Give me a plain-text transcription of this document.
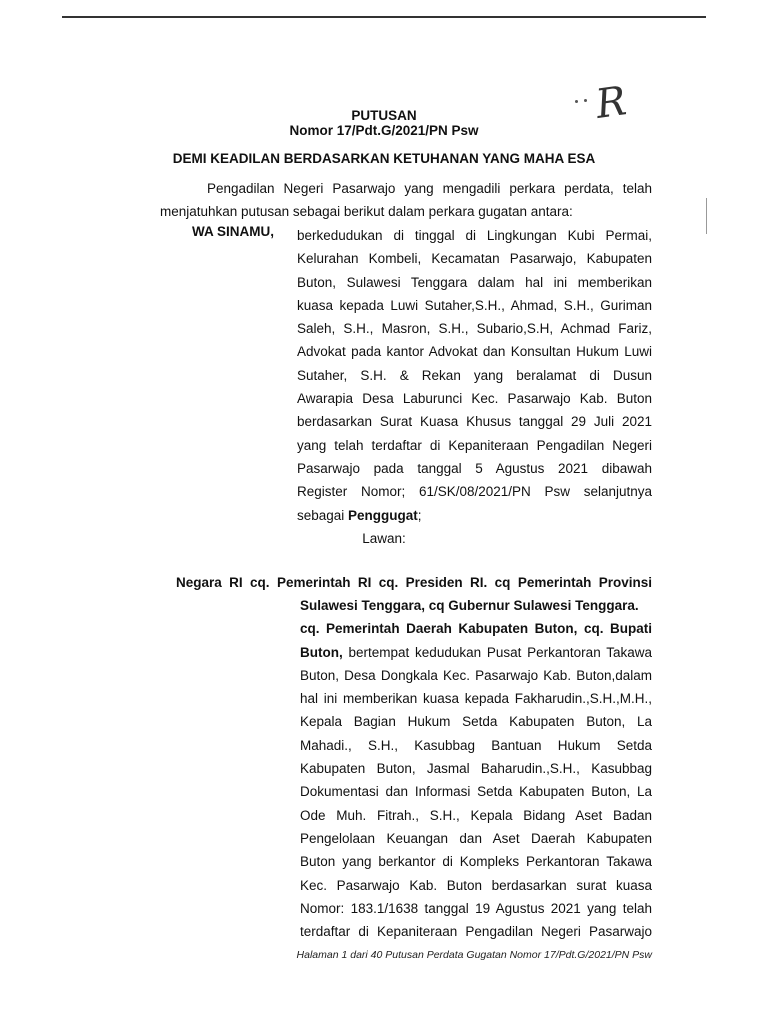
R
PUTUSAN
Nomor 17/Pdt.G/2021/PN Psw
DEMI KEADILAN BERDASARKAN KETUHANAN YANG MAHA ESA
Pengadilan Negeri Pasarwajo yang mengadili perkara perdata, telah
menjatuhkan putusan sebagai berikut dalam perkara gugatan antara:
WA SINAMU, berkedudukan di tinggal di Lingkungan Kubi Permai,
Kelurahan Kombeli, Kecamatan Pasarwajo, Kabupaten
Buton, Sulawesi Tenggara dalam hal ini memberikan
kuasa kepada Luwi Sutaher,S.H., Ahmad, S.H., Guriman
Saleh, S.H., Masron, S.H., Subario,S.H, Achmad Fariz,
Advokat pada kantor Advokat dan Konsultan Hukum Luwi
Sutaher, S.H. & Rekan yang beralamat di Dusun
Awarapia Desa Laburunci Kec. Pasarwajo Kab. Buton
berdasarkan Surat Kuasa Khusus tanggal 29 Juli 2021
yang telah terdaftar di Kepaniteraan Pengadilan Negeri
Pasarwajo pada tanggal 5 Agustus 2021 dibawah
Register Nomor; 61/SK/08/2021/PN Psw selanjutnya
sebagai Penggugat;
Lawan:
Negara RI cq. Pemerintah RI cq. Presiden RI. cq Pemerintah Provinsi
Sulawesi Tenggara, cq Gubernur Sulawesi Tenggara.
cq. Pemerintah Daerah Kabupaten Buton, cq. Bupati
Buton, bertempat kedudukan Pusat Perkantoran Takawa
Buton, Desa Dongkala Kec. Pasarwajo Kab. Buton,dalam
hal ini memberikan kuasa kepada Fakharudin.,S.H.,M.H.,
Kepala Bagian Hukum Setda Kabupaten Buton, La
Mahadi., S.H., Kasubbag Bantuan Hukum Setda
Kabupaten Buton, Jasmal Baharudin.,S.H., Kasubbag
Dokumentasi dan Informasi Setda Kabupaten Buton, La
Ode Muh. Fitrah., S.H., Kepala Bidang Aset Badan
Pengelolaan Keuangan dan Aset Daerah Kabupaten
Buton yang berkantor di Kompleks Perkantoran Takawa
Kec. Pasarwajo Kab. Buton berdasarkan surat kuasa
Nomor: 183.1/1638 tanggal 19 Agustus 2021 yang telah
terdaftar di Kepaniteraan Pengadilan Negeri Pasarwajo
Halaman 1 dari 40 Putusan Perdata Gugatan Nomor 17/Pdt.G/2021/PN Psw
